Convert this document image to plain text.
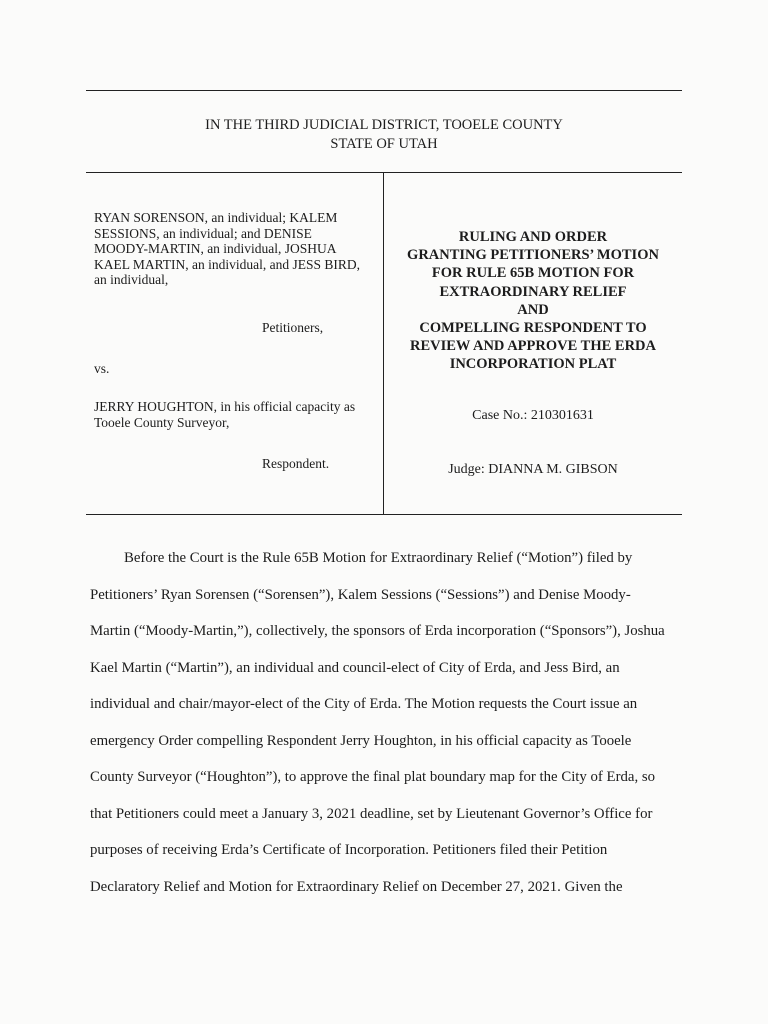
IN THE THIRD JUDICIAL DISTRICT, TOOELE COUNTY
STATE OF UTAH
RYAN SORENSON, an individual; KALEM
SESSIONS, an individual; and DENISE
MOODY-MARTIN, an individual, JOSHUA
KAEL MARTIN, an individual, and JESS BIRD,
an individual,
Petitioners,
vs.
JERRY HOUGHTON, in his official capacity as
Tooele County Surveyor,
Respondent.
RULING AND ORDER
GRANTING PETITIONERS’ MOTION
FOR RULE 65B MOTION FOR
EXTRAORDINARY RELIEF
AND
COMPELLING RESPONDENT TO
REVIEW AND APPROVE THE ERDA
INCORPORATION PLAT
Case No.: 210301631
Judge: DIANNA M. GIBSON
Before the Court is the Rule 65B Motion for Extraordinary Relief (“Motion”) filed by
Petitioners’ Ryan Sorensen (“Sorensen”), Kalem Sessions (“Sessions”) and Denise Moody-
Martin (“Moody-Martin,”), collectively, the sponsors of Erda incorporation (“Sponsors”), Joshua
Kael Martin (“Martin”), an individual and council-elect of City of Erda, and Jess Bird, an
individual and chair/mayor-elect of the City of Erda. The Motion requests the Court issue an
emergency Order compelling Respondent Jerry Houghton, in his official capacity as Tooele
County Surveyor (“Houghton”), to approve the final plat boundary map for the City of Erda, so
that Petitioners could meet a January 3, 2021 deadline, set by Lieutenant Governor’s Office for
purposes of receiving Erda’s Certificate of Incorporation. Petitioners filed their Petition
Declaratory Relief and Motion for Extraordinary Relief on December 27, 2021. Given the
